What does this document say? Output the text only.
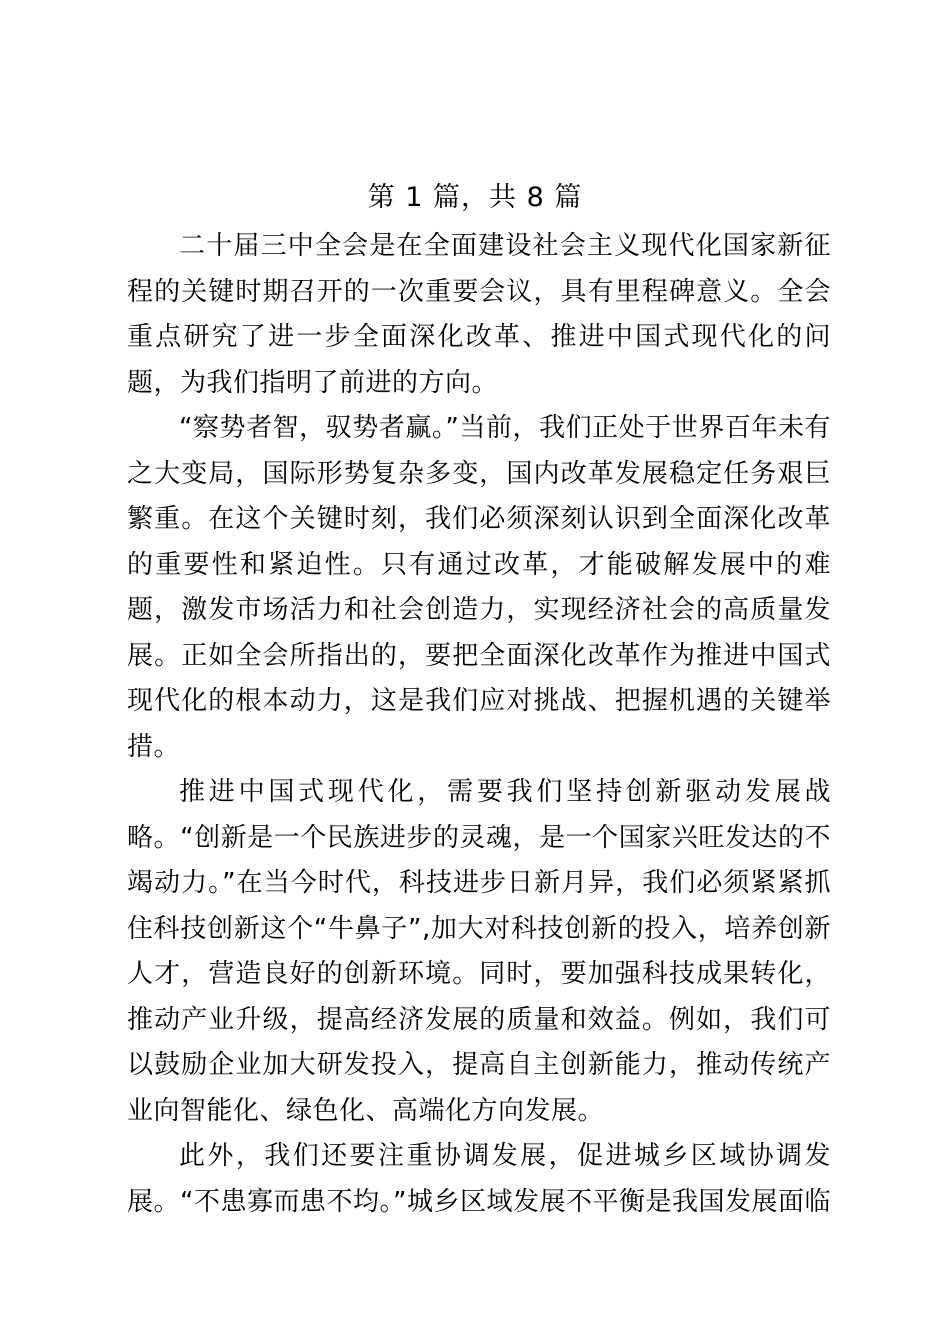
第 1 篇，共 8 篇

二十届三中全会是在全面建设社会主义现代化国家新征程的关键时期召开的一次重要会议，具有里程碑意义。全会重点研究了进一步全面深化改革、推进中国式现代化的问题，为我们指明了前进的方向。

“察势者智，驭势者赢。”当前，我们正处于世界百年未有之大变局，国际形势复杂多变，国内改革发展稳定任务艰巨繁重。在这个关键时刻，我们必须深刻认识到全面深化改革的重要性和紧迫性。只有通过改革，才能破解发展中的难题，激发市场活力和社会创造力，实现经济社会的高质量发展。正如全会所指出的，要把全面深化改革作为推进中国式现代化的根本动力，这是我们应对挑战、把握机遇的关键举措。

推进中国式现代化，需要我们坚持创新驱动发展战略。“创新是一个民族进步的灵魂，是一个国家兴旺发达的不竭动力。”在当今时代，科技进步日新月异，我们必须紧紧抓住科技创新这个“牛鼻子”,加大对科技创新的投入，培养创新人才，营造良好的创新环境。同时，要加强科技成果转化，推动产业升级，提高经济发展的质量和效益。例如，我们可以鼓励企业加大研发投入，提高自主创新能力，推动传统产业向智能化、绿色化、高端化方向发展。

此外，我们还要注重协调发展，促进城乡区域协调发展。“不患寡而患不均。”城乡区域发展不平衡是我国发展面临
